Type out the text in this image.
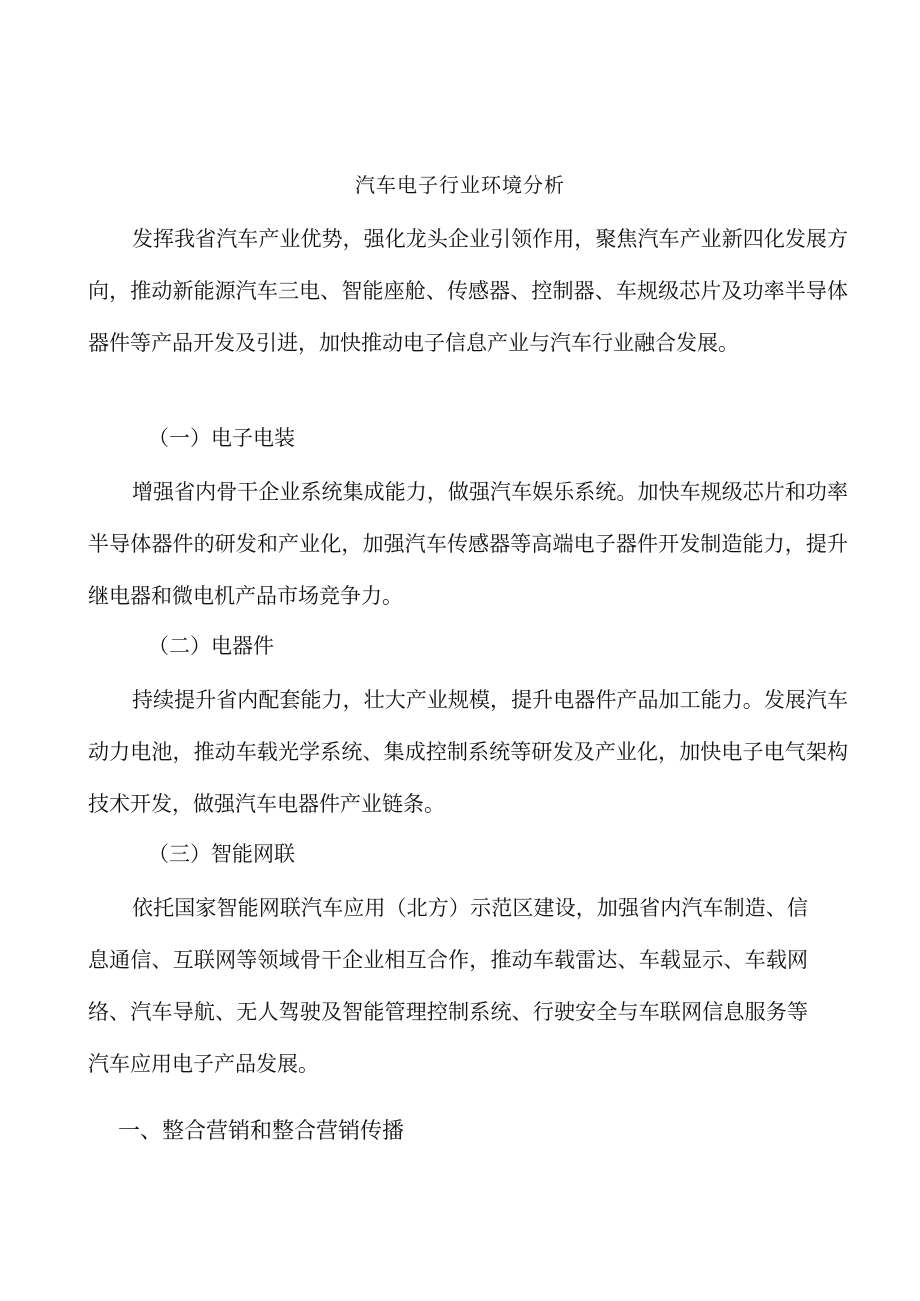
汽车电子行业环境分析

发挥我省汽车产业优势，强化龙头企业引领作用，聚焦汽车产业新四化发展方向，推动新能源汽车三电、智能座舱、传感器、控制器、车规级芯片及功率半导体器件等产品开发及引进，加快推动电子信息产业与汽车行业融合发展。

（一）电子电装

增强省内骨干企业系统集成能力，做强汽车娱乐系统。加快车规级芯片和功率半导体器件的研发和产业化，加强汽车传感器等高端电子器件开发制造能力，提升继电器和微电机产品市场竞争力。

（二）电器件

持续提升省内配套能力，壮大产业规模，提升电器件产品加工能力。发展汽车动力电池，推动车载光学系统、集成控制系统等研发及产业化，加快电子电气架构技术开发，做强汽车电器件产业链条。

（三）智能网联

依托国家智能网联汽车应用（北方）示范区建设，加强省内汽车制造、信息通信、互联网等领域骨干企业相互合作，推动车载雷达、车载显示、车载网络、汽车导航、无人驾驶及智能管理控制系统、行驶安全与车联网信息服务等汽车应用电子产品发展。

一、整合营销和整合营销传播
